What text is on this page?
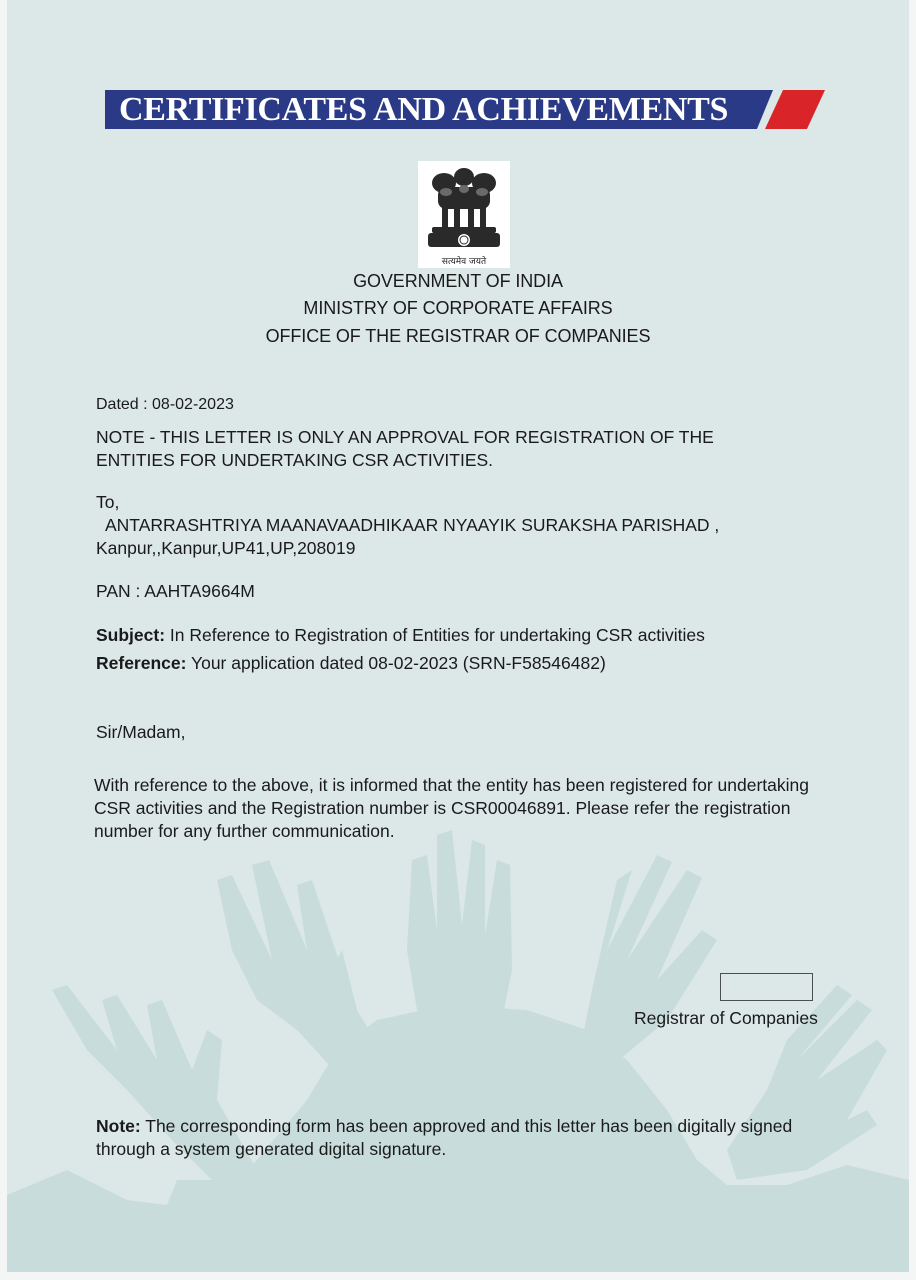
CERTIFICATES AND ACHIEVEMENTS
सत्यमेव जयते
GOVERNMENT OF INDIA
MINISTRY OF CORPORATE AFFAIRS
OFFICE OF THE REGISTRAR OF COMPANIES
Dated : 08-02-2023
NOTE - THIS LETTER IS ONLY AN APPROVAL FOR REGISTRATION OF THE
ENTITIES FOR UNDERTAKING CSR ACTIVITIES.
To,
ANTARRASHTRIYA MAANAVAADHIKAAR NYAAYIK SURAKSHA PARISHAD ,
Kanpur,,Kanpur,UP41,UP,208019
PAN : AAHTA9664M
Subject: In Reference to Registration of Entities for undertaking CSR activities
Reference: Your application dated 08-02-2023 (SRN-F58546482)
Sir/Madam,
With reference to the above, it is informed that the entity has been registered for undertaking
CSR activities and the Registration number is CSR00046891. Please refer the registration
number for any further communication.
Registrar of Companies
Note: The corresponding form has been approved and this letter has been digitally signed
through a system generated digital signature.
